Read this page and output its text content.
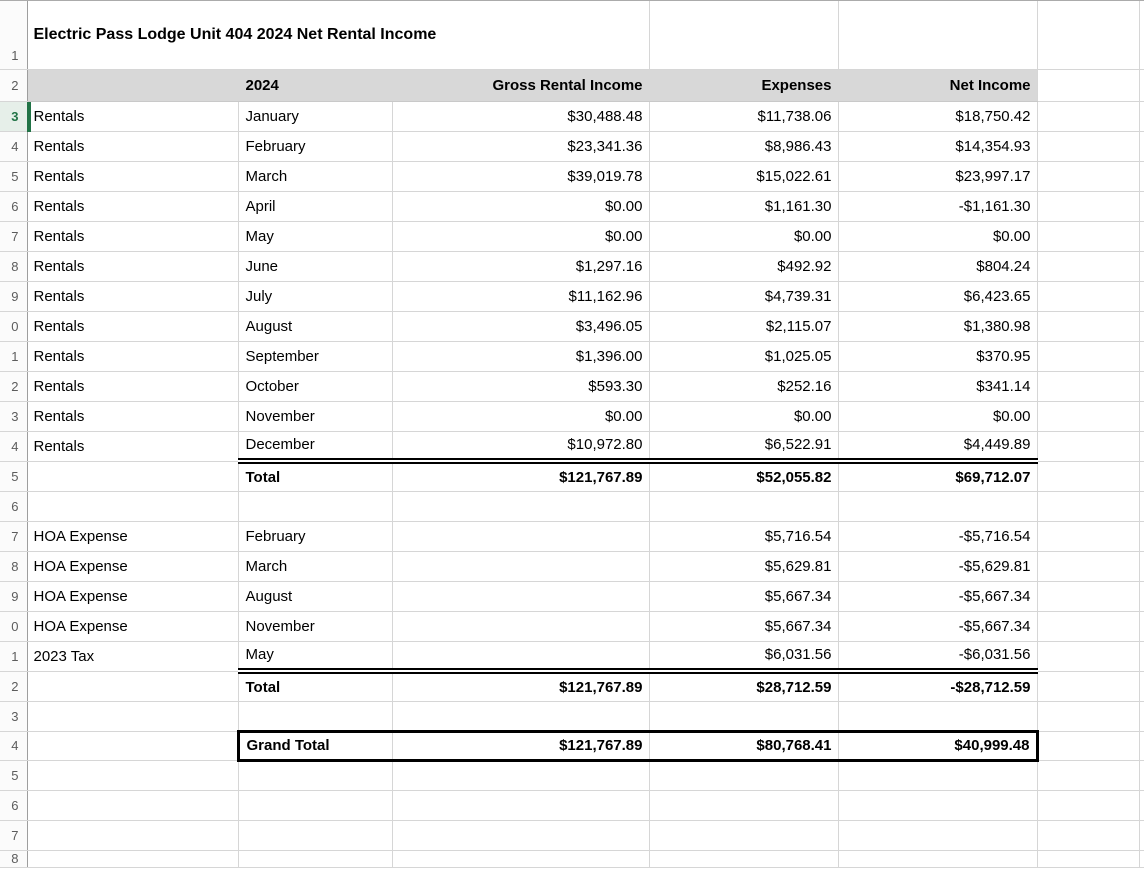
1	Electric Pass Lodge Unit 404 2024 Net Rental Income						
2		2024	Gross Rental Income	Expenses	Net Income		
3	Rentals	January	$30,488.48	$11,738.06	$18,750.42		
4	Rentals	February	$23,341.36	$8,986.43	$14,354.93		
5	Rentals	March	$39,019.78	$15,022.61	$23,997.17		
6	Rentals	April	$0.00	$1,161.30	-$1,161.30		
7	Rentals	May	$0.00	$0.00	$0.00		
8	Rentals	June	$1,297.16	$492.92	$804.24		
9	Rentals	July	$11,162.96	$4,739.31	$6,423.65		
0	Rentals	August	$3,496.05	$2,115.07	$1,380.98		
1	Rentals	September	$1,396.00	$1,025.05	$370.95		
2	Rentals	October	$593.30	$252.16	$341.14		
3	Rentals	November	$0.00	$0.00	$0.00		
4	Rentals	December	$10,972.80	$6,522.91	$4,449.89		
5		Total	$121,767.89	$52,055.82	$69,712.07		
6							
7	HOA Expense	February		$5,716.54	-$5,716.54		
8	HOA Expense	March		$5,629.81	-$5,629.81		
9	HOA Expense	August		$5,667.34	-$5,667.34		
0	HOA Expense	November		$5,667.34	-$5,667.34		
1	2023 Tax	May		$6,031.56	-$6,031.56		
2		Total	$121,767.89	$28,712.59	-$28,712.59		
3							
4		Grand Total	$121,767.89	$80,768.41	$40,999.48		
5							
6							
7							
8							
